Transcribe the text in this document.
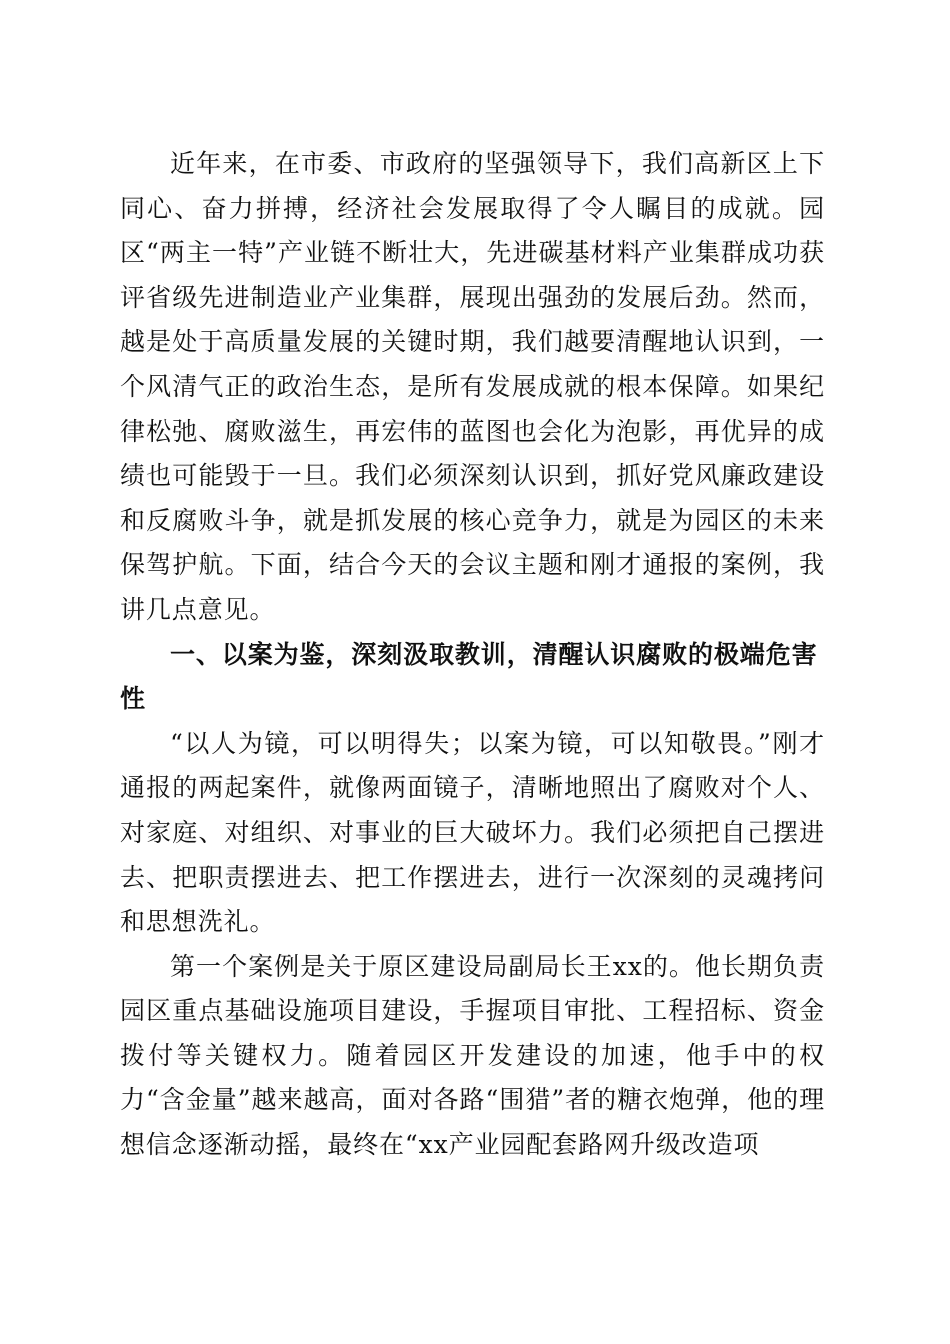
近年来，在市委、市政府的坚强领导下，我们高新区上下同心、奋力拼搏，经济社会发展取得了令人瞩目的成就。园区“两主一特”产业链不断壮大，先进碳基材料产业集群成功获评省级先进制造业产业集群，展现出强劲的发展后劲。然而，越是处于高质量发展的关键时期，我们越要清醒地认识到，一个风清气正的政治生态，是所有发展成就的根本保障。如果纪律松弛、腐败滋生，再宏伟的蓝图也会化为泡影，再优异的成绩也可能毁于一旦。我们必须深刻认识到，抓好党风廉政建设和反腐败斗争，就是抓发展的核心竞争力，就是为园区的未来保驾护航。下面，结合今天的会议主题和刚才通报的案例，我讲几点意见。

一、以案为鉴，深刻汲取教训，清醒认识腐败的极端危害性

“以人为镜，可以明得失；以案为镜，可以知敬畏。”刚才通报的两起案件，就像两面镜子，清晰地照出了腐败对个人、对家庭、对组织、对事业的巨大破坏力。我们必须把自己摆进去、把职责摆进去、把工作摆进去，进行一次深刻的灵魂拷问和思想洗礼。

第一个案例是关于原区建设局副局长王xx的。他长期负责园区重点基础设施项目建设，手握项目审批、工程招标、资金拨付等关键权力。随着园区开发建设的加速，他手中的权力“含金量”越来越高，面对各路“围猎”者的糖衣炮弹，他的理想信念逐渐动摇，最终在“xx产业园配套路网升级改造项
